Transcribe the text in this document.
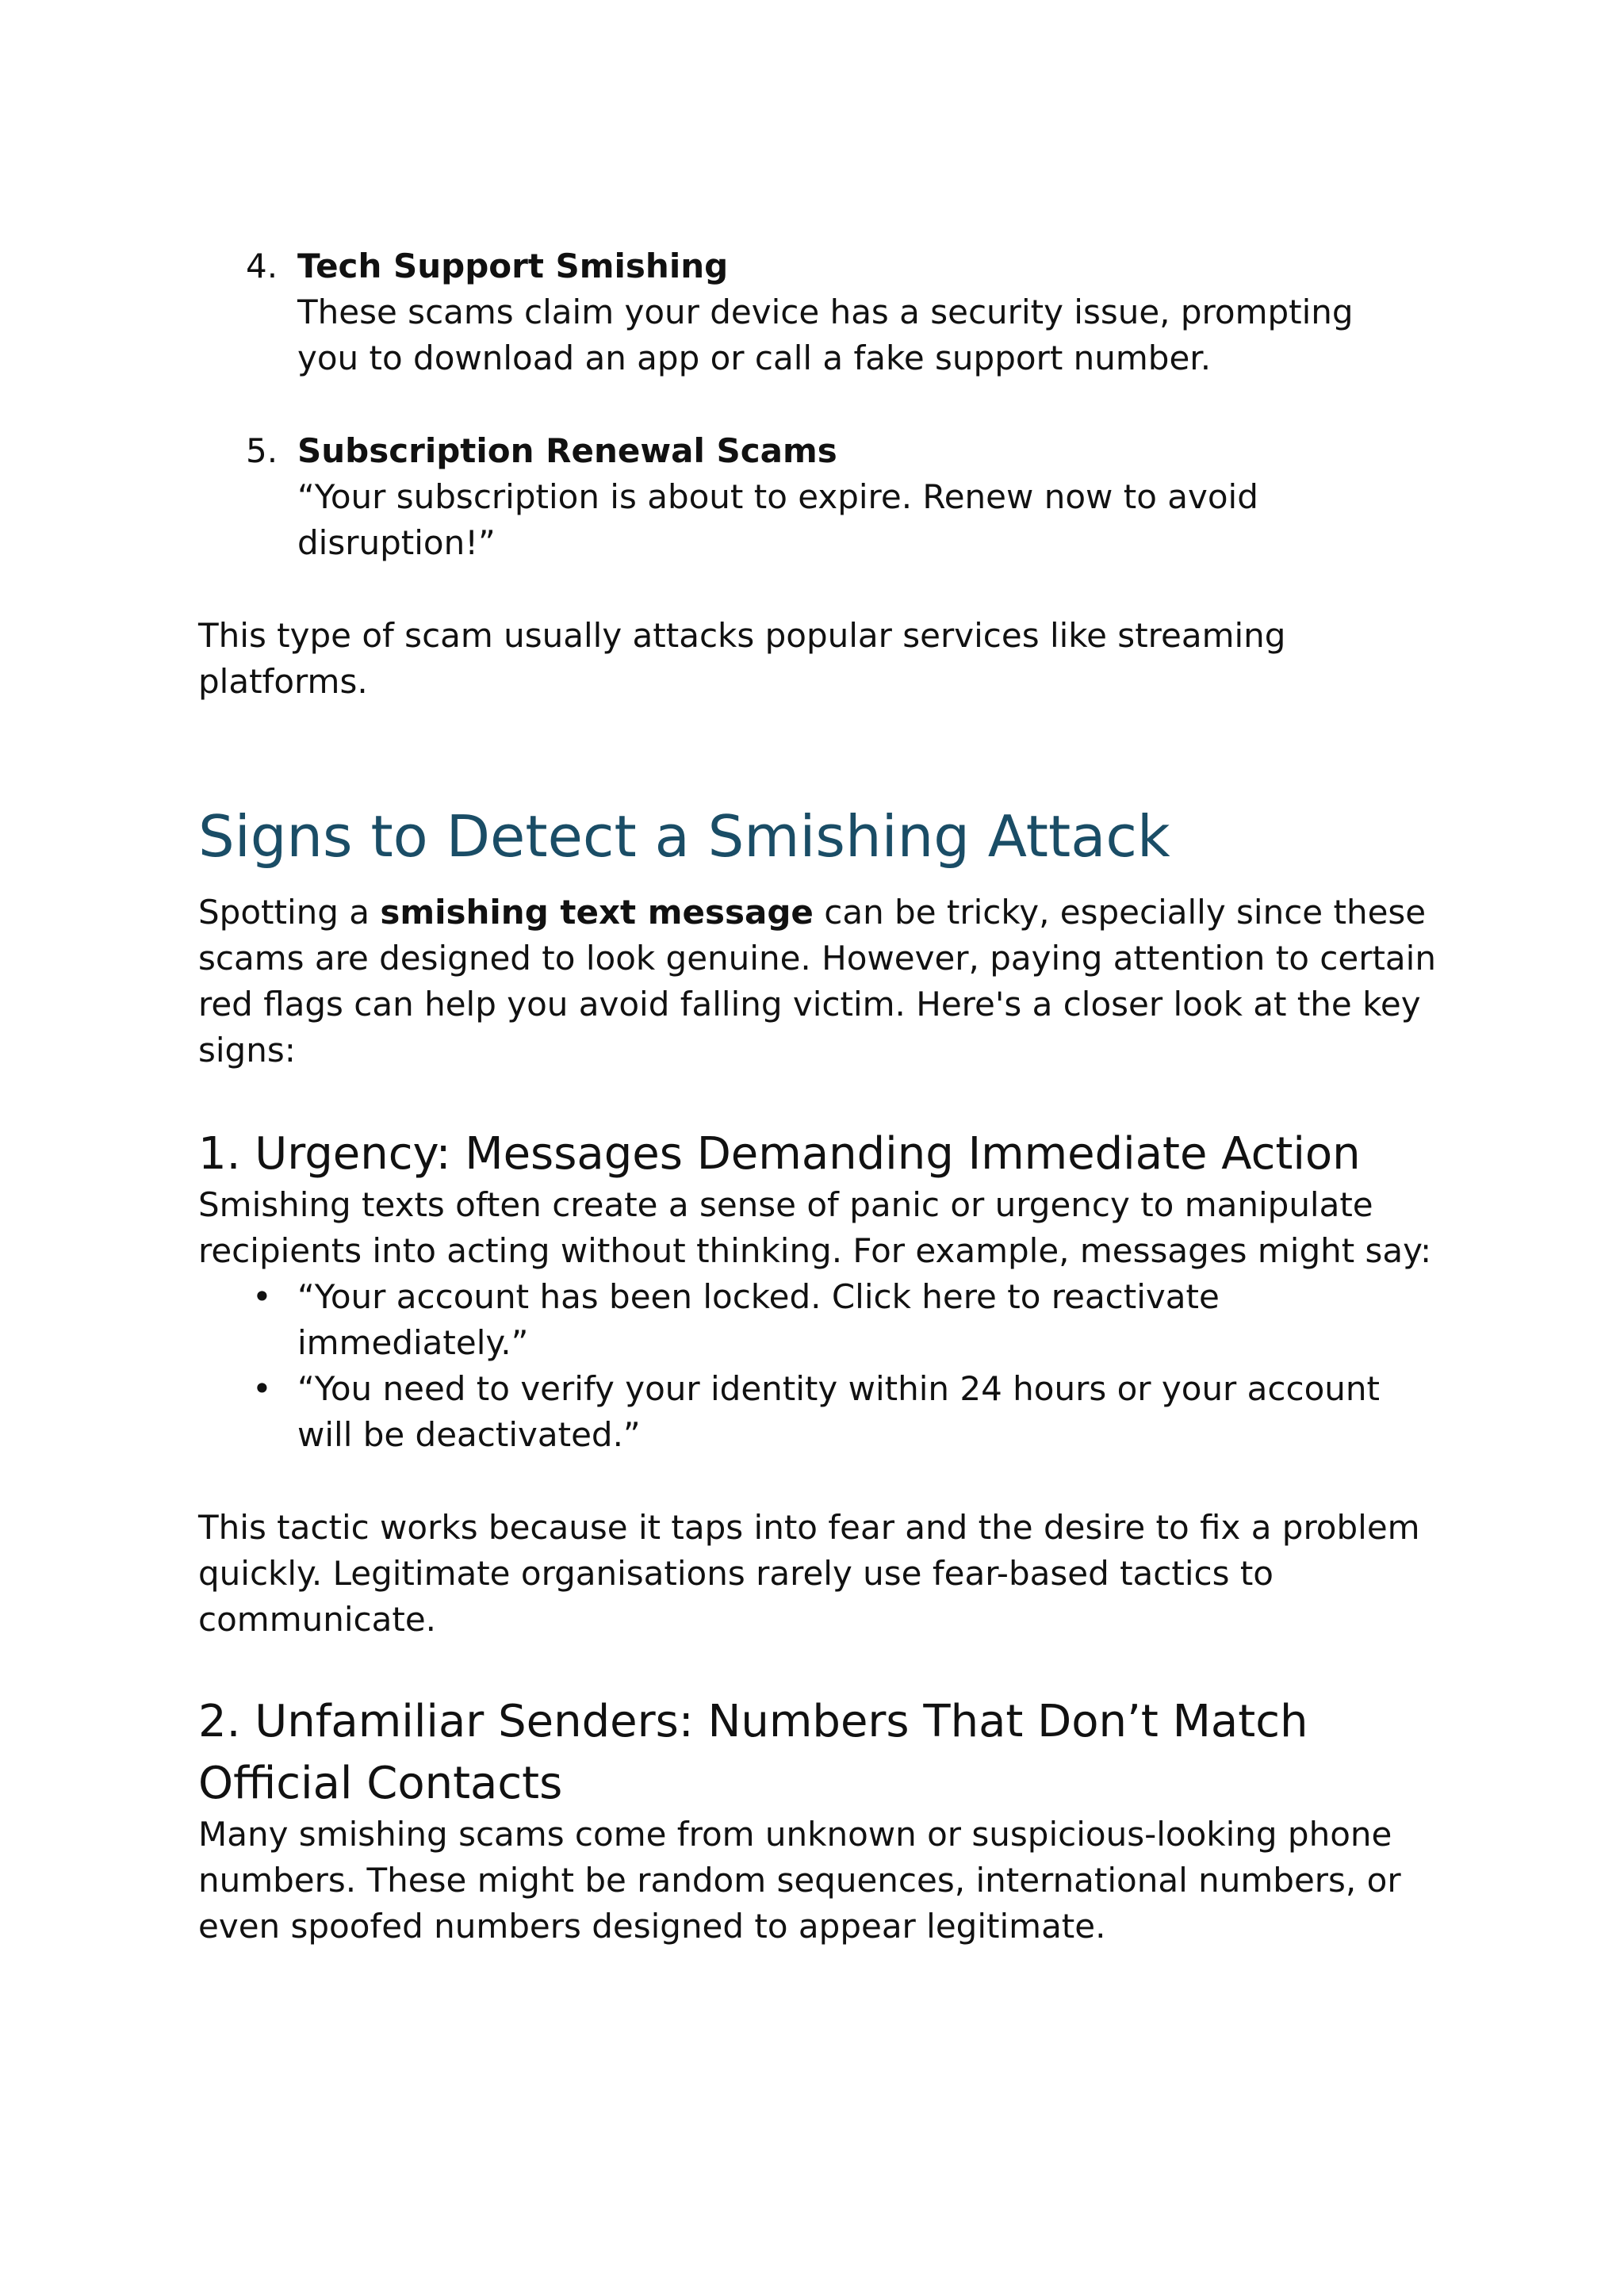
4. Tech Support Smishing

These scams claim your device has a security issue, prompting you to download an app or call a fake support number.

5. Subscription Renewal Scams

“Your subscription is about to expire. Renew now to avoid disruption!”

This type of scam usually attacks popular services like streaming platforms.

Signs to Detect a Smishing Attack

Spotting a smishing text message can be tricky, especially since these scams are designed to look genuine. However, paying attention to certain red flags can help you avoid falling victim. Here's a closer look at the key signs:

1. Urgency: Messages Demanding Immediate Action

Smishing texts often create a sense of panic or urgency to manipulate recipients into acting without thinking. For example, messages might say:

• “Your account has been locked. Click here to reactivate immediately.”

• “You need to verify your identity within 24 hours or your account will be deactivated.”

This tactic works because it taps into fear and the desire to fix a problem quickly. Legitimate organisations rarely use fear-based tactics to communicate.

2. Unfamiliar Senders: Numbers That Don’t Match Official Contacts

Many smishing scams come from unknown or suspicious-looking phone numbers. These might be random sequences, international numbers, or even spoofed numbers designed to appear legitimate.
